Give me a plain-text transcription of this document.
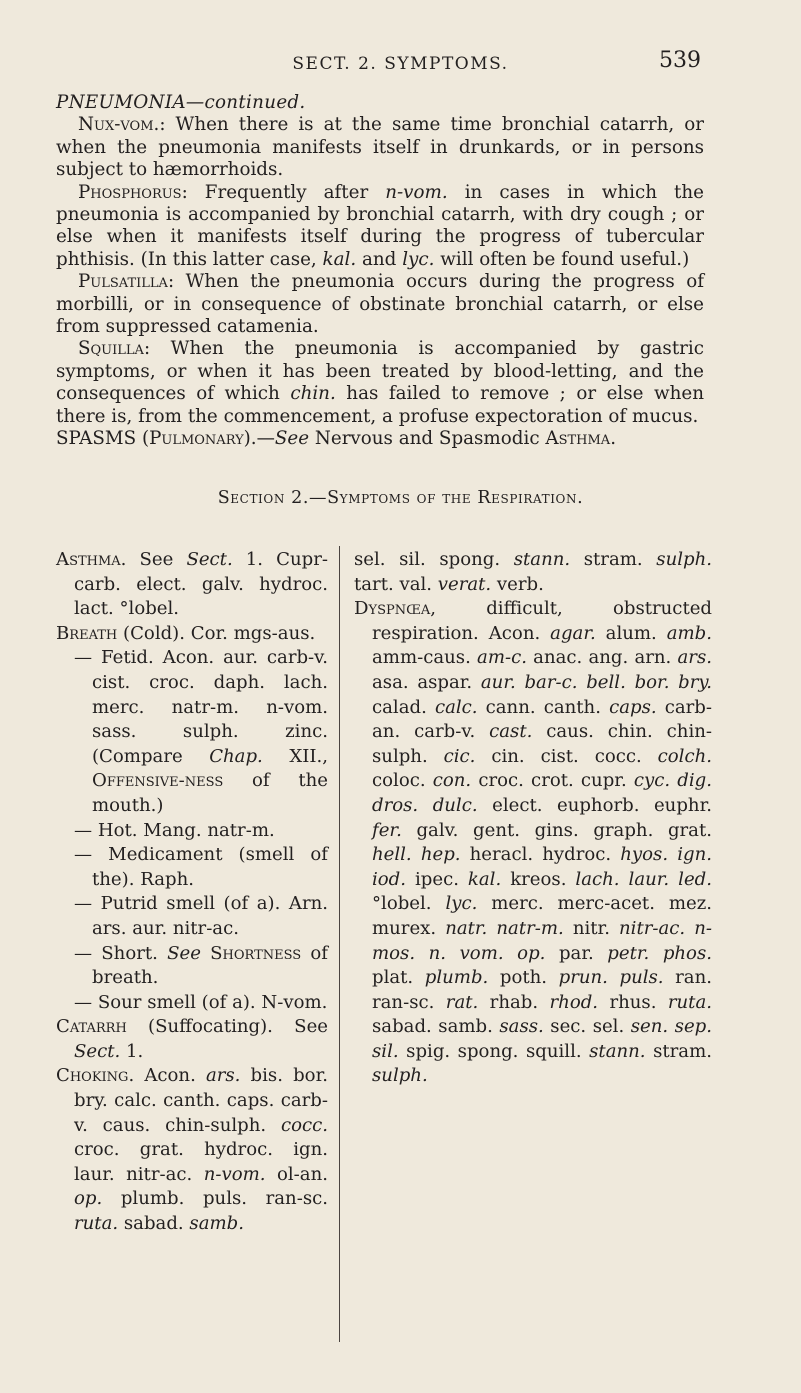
SECT. 2. SYMPTOMS.	539

PNEUMONIA—continued.

Nux-vom.: When there is at the same time bronchial catarrh, or when the pneumonia manifests itself in drunkards, or in persons subject to hæmorrhoids.

Phosphorus: Frequently after n-vom. in cases in which the pneumonia is accompanied by bronchial catarrh, with dry cough ; or else when it manifests itself during the progress of tubercular phthisis. (In this latter case, kal. and lyc. will often be found useful.)

Pulsatilla: When the pneumonia occurs during the progress of morbilli, or in consequence of obstinate bronchial catarrh, or else from suppressed catamenia.

Squilla: When the pneumonia is accompanied by gastric symptoms, or when it has been treated by blood-letting, and the consequences of which chin. has failed to remove ; or else when there is, from the commencement, a profuse expectoration of mucus.

SPASMS (Pulmonary).—See Nervous and Spasmodic Asthma.

Section 2.—Symptoms of the Respiration.

Asthma. See Sect. 1. Cupr-carb. elect. galv. hydroc. lact. °lobel.

Breath (Cold). Cor. mgs-aus.

— Fetid. Acon. aur. carb-v. cist. croc. daph. lach. merc. natr-m. n-vom. sass. sulph. zinc. (Compare Chap. XII., Offensive-ness of the mouth.)

— Hot. Mang. natr-m.

— Medicament (smell of the). Raph.

— Putrid smell (of a). Arn. ars. aur. nitr-ac.

— Short. See Shortness of breath.

— Sour smell (of a). N-vom.

Catarrh (Suffocating). See Sect. 1.

Choking. Acon. ars. bis. bor. bry. calc. canth. caps. carb-v. caus. chin-sulph. cocc. croc. grat. hydroc. ign. laur. nitr-ac. n-vom. ol-an. op. plumb. puls. ran-sc. ruta. sabad. samb.

sel. sil. spong. stann. stram. sulph. tart. val. verat. verb.

Dyspnœa, difficult, obstructed respiration. Acon. agar. alum. amb. amm-caus. am-c. anac. ang. arn. ars. asa. aspar. aur. bar-c. bell. bor. bry. calad. calc. cann. canth. caps. carb-an. carb-v. cast. caus. chin. chin-sulph. cic. cin. cist. cocc. colch. coloc. con. croc. crot. cupr. cyc. dig. dros. dulc. elect. euphorb. euphr. fer. galv. gent. gins. graph. grat. hell. hep. heracl. hydroc. hyos. ign. iod. ipec. kal. kreos. lach. laur. led. °lobel. lyc. merc. merc-acet. mez. murex. natr. natr-m. nitr. nitr-ac. n-mos. n. vom. op. par. petr. phos. plat. plumb. poth. prun. puls. ran. ran-sc. rat. rhab. rhod. rhus. ruta. sabad. samb. sass. sec. sel. sen. sep. sil. spig. spong. squill. stann. stram. sulph.
